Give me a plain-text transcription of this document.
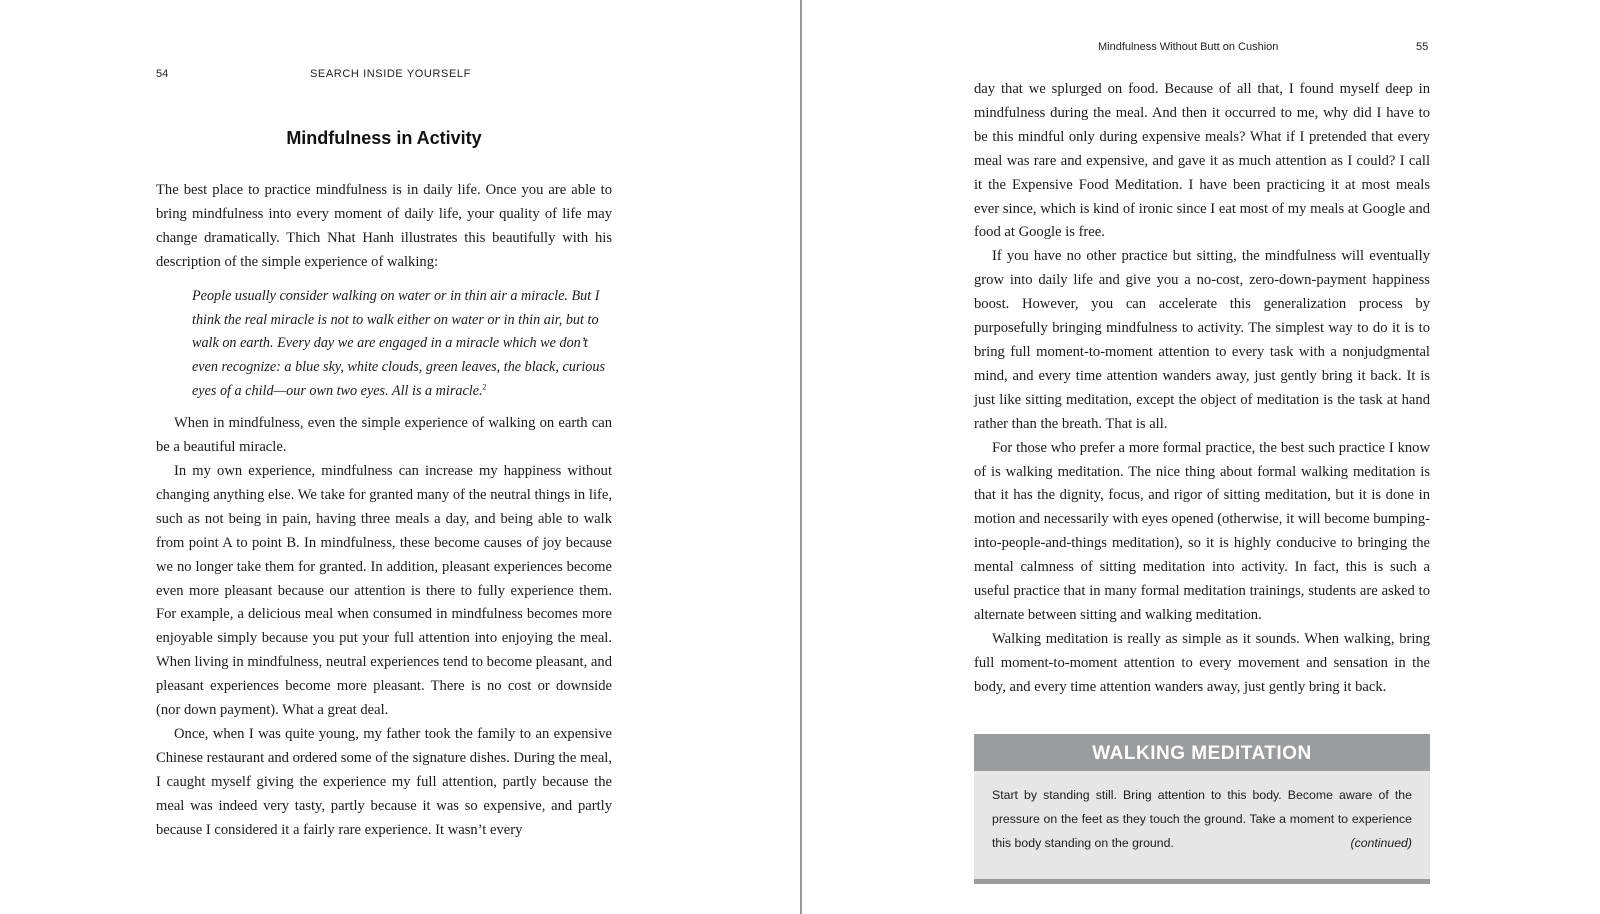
54	SEARCH INSIDE YOURSELF
Mindfulness in Activity

The best place to practice mindfulness is in daily life. Once you are able to bring mindfulness into every moment of daily life, your quality of life may change dramatically. Thich Nhat Hanh illustrates this beautifully with his description of the simple experience of walking:

People usually consider walking on water or in thin air a miracle. But I think the real miracle is not to walk either on water or in thin air, but to walk on earth. Every day we are engaged in a miracle which we don’t even recognize: a blue sky, white clouds, green leaves, the black, curious eyes of a child—our own two eyes. All is a miracle.$^2$

When in mindfulness, even the simple experience of walking on earth can be a beautiful miracle.

In my own experience, mindfulness can increase my happiness without changing anything else. We take for granted many of the neutral things in life, such as not being in pain, having three meals a day, and being able to walk from point A to point B. In mindfulness, these become causes of joy because we no longer take them for granted. In addition, pleasant experiences become even more pleasant because our attention is there to fully experience them. For example, a delicious meal when consumed in mindfulness becomes more enjoyable simply because you put your full attention into enjoying the meal. When living in mindfulness, neutral experiences tend to become pleasant, and pleasant experiences become more pleasant. There is no cost or downside (nor down payment). What a great deal.

Once, when I was quite young, my father took the family to an expensive Chinese restaurant and ordered some of the signature dishes. During the meal, I caught myself giving the experience my full attention, partly because the meal was indeed very tasty, partly because it was so expensive, and partly because I considered it a fairly rare experience. It wasn’t every

Mindfulness Without Butt on Cushion	55

day that we splurged on food. Because of all that, I found myself deep in mindfulness during the meal. And then it occurred to me, why did I have to be this mindful only during expensive meals? What if I pretended that every meal was rare and expensive, and gave it as much attention as I could? I call it the Expensive Food Meditation. I have been practicing it at most meals ever since, which is kind of ironic since I eat most of my meals at Google and food at Google is free.

If you have no other practice but sitting, the mindfulness will eventually grow into daily life and give you a no-cost, zero-down-payment happiness boost. However, you can accelerate this generalization process by purposefully bringing mindfulness to activity. The simplest way to do it is to bring full moment-to-moment attention to every task with a nonjudgmental mind, and every time attention wanders away, just gently bring it back. It is just like sitting meditation, except the object of meditation is the task at hand rather than the breath. That is all.

For those who prefer a more formal practice, the best such practice I know of is walking meditation. The nice thing about formal walking meditation is that it has the dignity, focus, and rigor of sitting meditation, but it is done in motion and necessarily with eyes opened (otherwise, it will become bumping-into-people-and-things meditation), so it is highly conducive to bringing the mental calmness of sitting meditation into activity. In fact, this is such a useful practice that in many formal meditation trainings, students are asked to alternate between sitting and walking meditation.

Walking meditation is really as simple as it sounds. When walking, bring full moment-to-moment attention to every movement and sensation in the body, and every time attention wanders away, just gently bring it back.

WALKING MEDITATION

Start by standing still. Bring attention to this body. Become aware of the pressure on the feet as they touch the ground. Take a moment to experience this body standing on the ground.	(continued)
